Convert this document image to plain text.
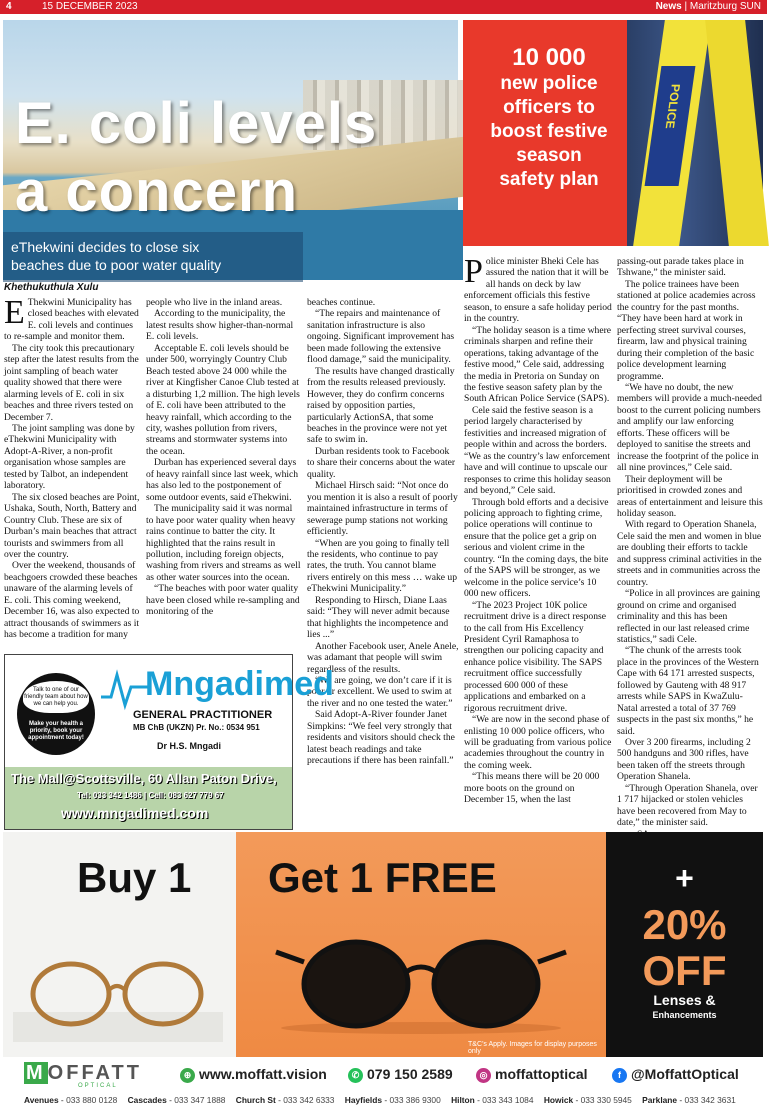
4	15 DECEMBER 2023	News | Maritzburg SUN
E. coli levels
a concern
eThekwini decides to close six
beaches due to poor water quality
10 000
new police
officers to
boost festive
season
safety plan
POLICE
Khethukuthula Xulu

E Thekwini Municipality has closed beaches with elevated E. coli levels and continues to re-sample and monitor them.

The city took this precautionary step after the latest results from the joint sampling of beach water quality showed that there were alarming levels of E. coli in six beaches and three rivers tested on December 7.

The joint sampling was done by eThekwini Municipality with Adopt-A-River, a non-profit organisation whose samples are tested by Talbot, an independent laboratory.

The six closed beaches are Point, Ushaka, South, North, Battery and Country Club. These are six of Durban’s main beaches that attract tourists and swimmers from all over the country.

Over the weekend, thousands of beachgoers crowded these beaches unaware of the alarming levels of E. coli. This coming weekend, December 16, was also expected to attract thousands of swimmers as it has become a tradition for many

people who live in the inland areas.

According to the municipality, the latest results show higher-than-normal E. coli levels.

Acceptable E. coli levels should be under 500, worryingly Country Club Beach tested above 24 000 while the river at Kingfisher Canoe Club tested at a disturbing 1,2 million. The high levels of E. coli have been attributed to the heavy rainfall, which according to the city, washes pollution from rivers, streams and stormwater systems into the ocean.

Durban has experienced several days of heavy rainfall since last week, which has also led to the postponement of some outdoor events, said eThekwini.

The municipality said it was normal to have poor water quality when heavy rains continue to batter the city. It highlighted that the rains result in pollution, including foreign objects, washing from rivers and streams as well as other water sources into the ocean.

“The beaches with poor water quality have been closed while re-sampling and monitoring of the

beaches continue.

“The repairs and maintenance of sanitation infrastructure is also ongoing. Significant improvement has been made following the extensive flood damage,” said the municipality.

The results have changed drastically from the results released previously. However, they do confirm concerns raised by opposition parties, particularly ActionSA, that some beaches in the province were not yet safe to swim in.

Durban residents took to Facebook to share their concerns about the water quality.

Michael Hirsch said: “Not once do you mention it is also a result of poorly maintained infrastructure in terms of sewerage pump stations not working efficiently.

“When are you going to finally tell the residents, who continue to pay rates, the truth. You cannot blame rivers entirely on this mess … wake up eThekwini Municipality.”

Responding to Hirsch, Diane Laas said: “They will never admit because that highlights the incompetence and lies ...”

Another Facebook user, Anele Anele, was adamant that people will swim regardless of the results.

“We are going, we don’t care if it is poor or excellent. We used to swim at the river and no one tested the water.”

Said Adopt-A-River founder Janet Simpkins: “We feel very strongly that residents and visitors should check the latest beach readings and take precautions if there has been rainfall.”

Police minister Bheki Cele has assured the nation that it will be all hands on deck by law enforcement officials this festive season, to ensure a safe holiday period in the country.

“The holiday season is a time where criminals sharpen and refine their operations, taking advantage of the festive mood,” Cele said, addressing the media in Pretoria on Sunday on the festive season safety plan by the South African Police Service (SAPS).

Cele said the festive season is a period largely characterised by festivities and increased migration of people within and across the borders. “We as the country’s law enforcement have and will continue to upscale our responses to crime this holiday season and beyond,” Cele said.

Through bold efforts and a decisive policing approach to fighting crime, police operations will continue to ensure that the police get a grip on serious and violent crime in the country. “In the coming days, the bite of the SAPS will be stronger, as we welcome in the police service’s 10 000 new officers.

“The 2023 Project 10K police recruitment drive is a direct response to the call from His Excellency President Cyril Ramaphosa to strengthen our policing capacity and enhance police visibility. The SAPS recruitment office successfully processed 600 000 of these applications and embarked on a rigorous recruitment drive.

“We are now in the second phase of enlisting 10 000 police officers, who will be graduating from various police academies throughout the country in the coming week.

“This means there will be 20 000 more boots on the ground on December 15, when the last

passing-out parade takes place in Tshwane,” the minister said.

The police trainees have been stationed at police academies across the country for the past months. “They have been hard at work in perfecting street survival courses, firearm, law and physical training during their completion of the basic police development learning programme.

“We have no doubt, the new members will provide a much-needed boost to the current policing numbers and amplify our law enforcing efforts. These officers will be deployed to sanitise the streets and increase the footprint of the police in all nine provinces,” Cele said.

Their deployment will be prioritised in crowded zones and areas of entertainment and leisure this holiday season.

With regard to Operation Shanela, Cele said the men and women in blue are doubling their efforts to tackle and suppress criminal activities in the streets and in communities across the country.

“Police in all provinces are gaining ground on crime and organised criminality and this has been reflected in our last released crime statistics,” sadi Cele.

“The chunk of the arrests took place in the provinces of the Western Cape with 64 171 arrested suspects, followed by Gauteng with 48 917 arrests while SAPS in KwaZulu-Natal arrested a total of 37 769 suspects in the past six months,” he said.

Over 3 200 firearms, including 2 500 handguns and 300 rifles, have been taken off the streets through Operation Shanela.

“Through Operation Shanela, over 1 717 hijacked or stolen vehicles have been recovered from May to date,” the minister said.

Talk to one of our friendly team about how we can help you.
Make your health a priority, book your appointment today!
Mngadimed
GENERAL PRACTITIONER
MB ChB (UKZN) Pr. No.: 0534 951
Dr H.S. Mngadi
The Mall@Scottsville, 60 Allan Paton Drive,
Tel: 033 342 1486 | Cell: 083 627 779 67
www.mngadimed.com
Buy 1 Get 1 FREE
T&C’s Apply. Images for display purposes only
+
20%
OFF
Lenses &
Enhancements
M OFFATT
OPTICAL
⊕ www.moffatt.vision	✆ 079 150 2589	◎ moffattoptical	f @MoffattOptical
Avenues - 033 880 0128 Cascades - 033 347 1888 Church St - 033 342 6333 Hayfields - 033 386 9300 Hilton - 033 343 1084 Howick - 033 330 5945 Parklane - 033 342 3631
